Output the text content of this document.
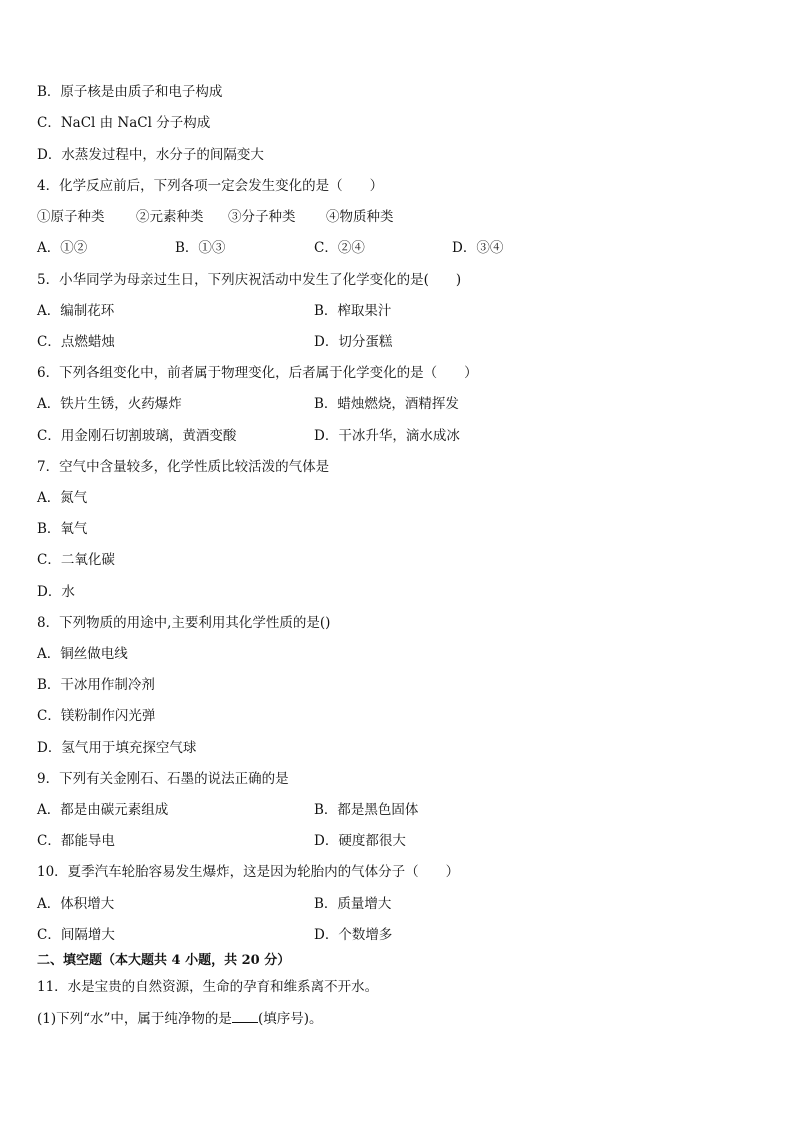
B．原子核是由质子和电子构成
C．NaCl 由 NaCl 分子构成
D．水蒸发过程中，水分子的间隔变大
4．化学反应前后，下列各项一定会发生变化的是（　　）
①原子种类 ②元素种类 ③分子种类 ④物质种类
A．①②	B．①③	C．②④	D．③④
5．小华同学为母亲过生日，下列庆祝活动中发生了化学变化的是(　　)
A．编制花环	B．榨取果汁
C．点燃蜡烛	D．切分蛋糕
6．下列各组变化中，前者属于物理变化，后者属于化学变化的是（　　）
A．铁片生锈，火药爆炸	B．蜡烛燃烧，酒精挥发
C．用金刚石切割玻璃，黄酒变酸	D．干冰升华，滴水成冰
7．空气中含量较多，化学性质比较活泼的气体是
A．氮气
B．氧气
C．二氧化碳
D．水
8．下列物质的用途中,主要利用其化学性质的是()
A．铜丝做电线
B．干冰用作制冷剂
C．镁粉制作闪光弹
D．氢气用于填充探空气球
9．下列有关金刚石、石墨的说法正确的是
A．都是由碳元素组成	B．都是黑色固体
C．都能导电	D．硬度都很大
10．夏季汽车轮胎容易发生爆炸，这是因为轮胎内的气体分子（　　）
A．体积增大	B．质量增大
C．间隔增大	D．个数增多
二、填空题（本大题共 4 小题，共 20 分）
11．水是宝贵的自然资源，生命的孕育和维系离不开水。
(1)下列“水”中，属于纯净物的是 (填序号)。
